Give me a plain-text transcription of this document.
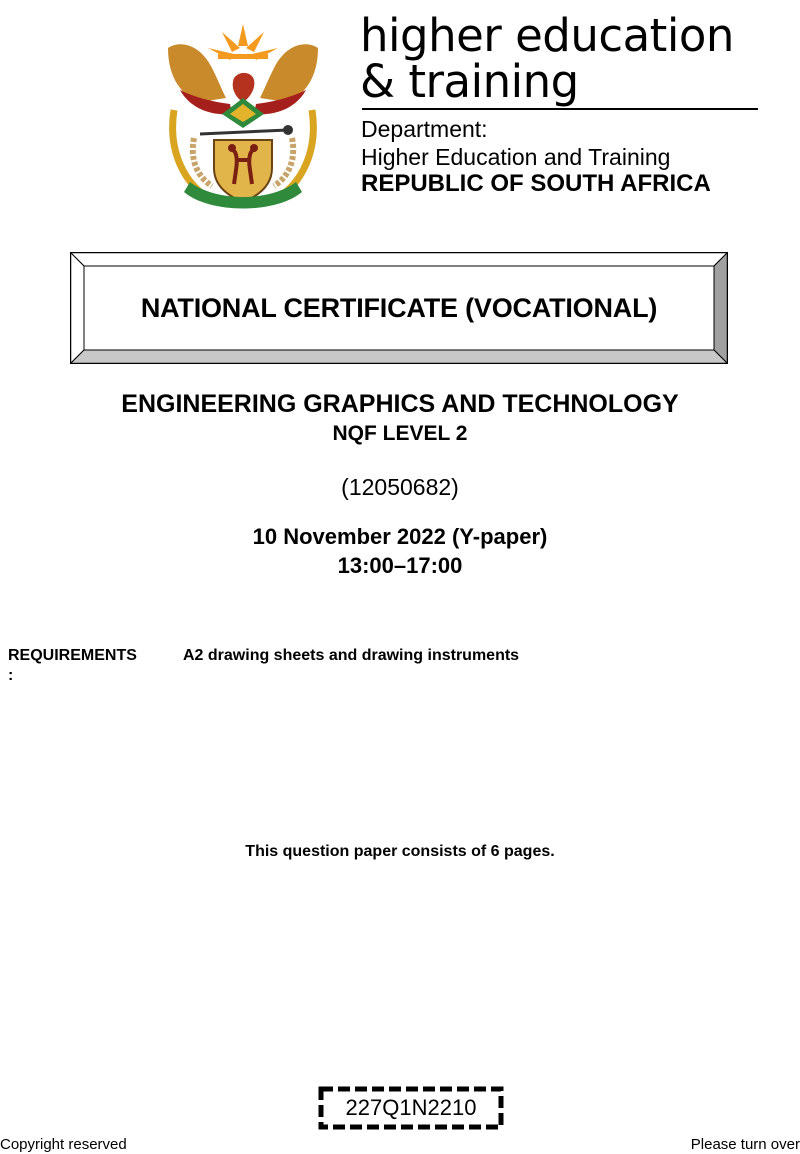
higher education
& training
Department:
Higher Education and Training
REPUBLIC OF SOUTH AFRICA
NATIONAL CERTIFICATE (VOCATIONAL)
ENGINEERING GRAPHICS AND TECHNOLOGY
NQF LEVEL 2
(12050682)
10 November 2022 (Y-paper)
13:00–17:00
REQUIREMENTS
:
A2 drawing sheets and drawing instruments
This question paper consists of 6 pages.
227Q1N2210
Copyright reserved	Please turn over
